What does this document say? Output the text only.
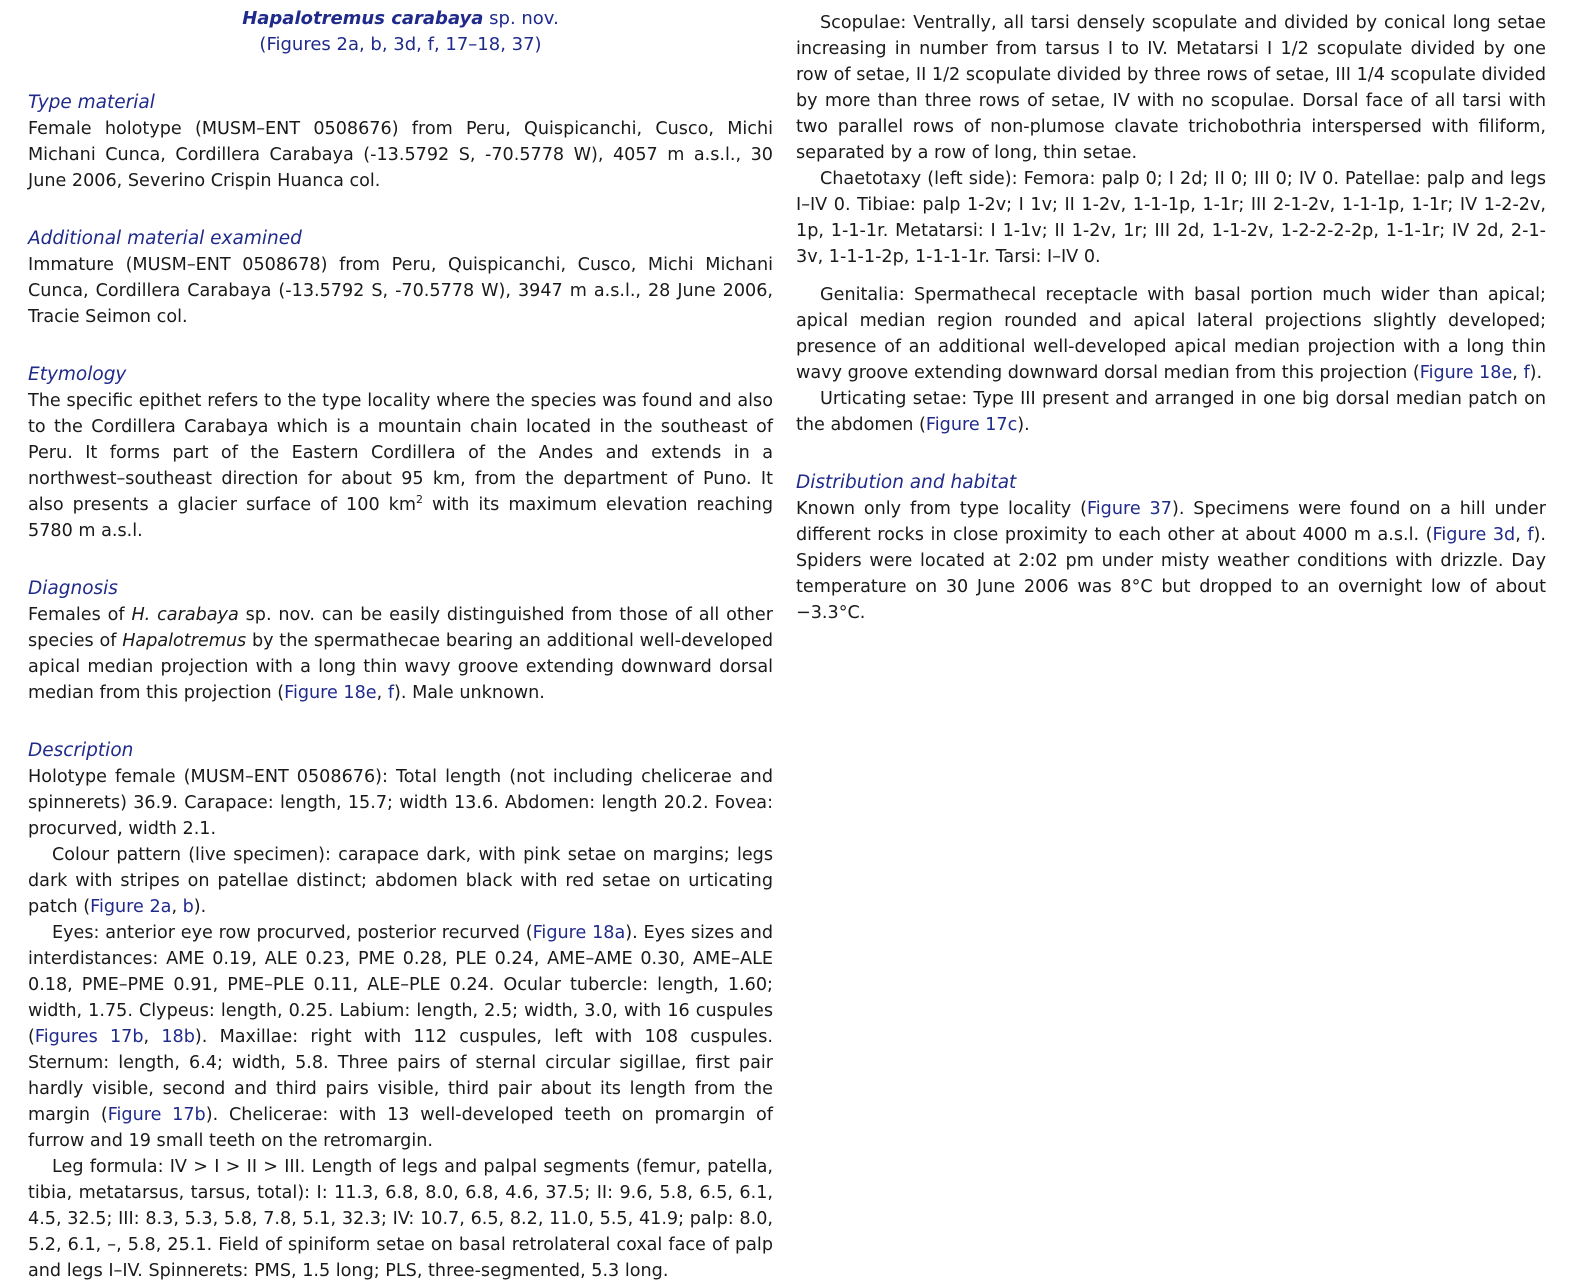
Hapalotremus carabaya sp. nov.
(Figures 2a, b, 3d, f, 17–18, 37)
Type material

Female holotype (MUSM–ENT 0508676) from Peru, Quispicanchi, Cusco, Michi Michani Cunca, Cordillera Carabaya (-13.5792 S, -70.5778 W), 4057 m a.s.l., 30 June 2006, Severino Crispin Huanca col.

Additional material examined

Immature (MUSM–ENT 0508678) from Peru, Quispicanchi, Cusco, Michi Michani Cunca, Cordillera Carabaya (-13.5792 S, -70.5778 W), 3947 m a.s.l., 28 June 2006, Tracie Seimon col.

Etymology

The specific epithet refers to the type locality where the species was found and also to the Cordillera Carabaya which is a mountain chain located in the southeast of Peru. It forms part of the Eastern Cordillera of the Andes and extends in a northwest–southeast direction for about 95 km, from the department of Puno. It also presents a glacier surface of 100 $km^2$ with its maximum elevation reaching 5780 m a.s.l.

Diagnosis

Females of H. carabaya sp. nov. can be easily distinguished from those of all other species of Hapalotremus by the spermathecae bearing an additional well-developed apical median projection with a long thin wavy groove extending downward dorsal median from this projection (Figure 18e, f). Male unknown.

Description

Holotype female (MUSM–ENT 0508676): Total length (not including chelicerae and spinnerets) 36.9. Carapace: length, 15.7; width 13.6. Abdomen: length 20.2. Fovea: procurved, width 2.1.

Colour pattern (live specimen): carapace dark, with pink setae on margins; legs dark with stripes on patellae distinct; abdomen black with red setae on urticating patch (Figure 2a, b).

Eyes: anterior eye row procurved, posterior recurved (Figure 18a). Eyes sizes and interdistances: AME 0.19, ALE 0.23, PME 0.28, PLE 0.24, AME–AME 0.30, AME–ALE 0.18, PME–PME 0.91, PME–PLE 0.11, ALE–PLE 0.24. Ocular tubercle: length, 1.60; width, 1.75. Clypeus: length, 0.25. Labium: length, 2.5; width, 3.0, with 16 cuspules (Figures 17b, 18b). Maxillae: right with 112 cuspules, left with 108 cuspules. Sternum: length, 6.4; width, 5.8. Three pairs of sternal circular sigillae, first pair hardly visible, second and third pairs visible, third pair about its length from the margin (Figure 17b). Chelicerae: with 13 well-developed teeth on promargin of furrow and 19 small teeth on the retromargin.

Leg formula: IV > I > II > III. Length of legs and palpal segments (femur, patella, tibia, metatarsus, tarsus, total): I: 11.3, 6.8, 8.0, 6.8, 4.6, 37.5; II: 9.6, 5.8, 6.5, 6.1, 4.5, 32.5; III: 8.3, 5.3, 5.8, 7.8, 5.1, 32.3; IV: 10.7, 6.5, 8.2, 11.0, 5.5, 41.9; palp: 8.0, 5.2, 6.1, –, 5.8, 25.1. Field of spiniform setae on basal retrolateral coxal face of palp and legs I–IV. Spinnerets: PMS, 1.5 long; PLS, three-segmented, 5.3 long.

Scopulae: Ventrally, all tarsi densely scopulate and divided by conical long setae increasing in number from tarsus I to IV. Metatarsi I 1/2 scopulate divided by one row of setae, II 1/2 scopulate divided by three rows of setae, III 1/4 scopulate divided by more than three rows of setae, IV with no scopulae. Dorsal face of all tarsi with two parallel rows of non-plumose clavate trichobothria interspersed with filiform, separated by a row of long, thin setae.

Chaetotaxy (left side): Femora: palp 0; I 2d; II 0; III 0; IV 0. Patellae: palp and legs I–IV 0. Tibiae: palp 1-2v; I 1v; II 1-2v, 1-1-1p, 1-1r; III 2-1-2v, 1-1-1p, 1-1r; IV 1-2-2v, 1p, 1-1-1r. Metatarsi: I 1-1v; II 1-2v, 1r; III 2d, 1-1-2v, 1-2-2-2-2p, 1-1-1r; IV 2d, 2-1-3v, 1-1-1-2p, 1-1-1-1r. Tarsi: I–IV 0.

Genitalia: Spermathecal receptacle with basal portion much wider than apical; apical median region rounded and apical lateral projections slightly developed; presence of an additional well-developed apical median projection with a long thin wavy groove extending downward dorsal median from this projection (Figure 18e, f).

Urticating setae: Type III present and arranged in one big dorsal median patch on the abdomen (Figure 17c).

Distribution and habitat

Known only from type locality (Figure 37). Specimens were found on a hill under different rocks in close proximity to each other at about 4000 m a.s.l. (Figure 3d, f). Spiders were located at 2:02 pm under misty weather conditions with drizzle. Day temperature on 30 June 2006 was 8°C but dropped to an overnight low of about −3.3°C.
